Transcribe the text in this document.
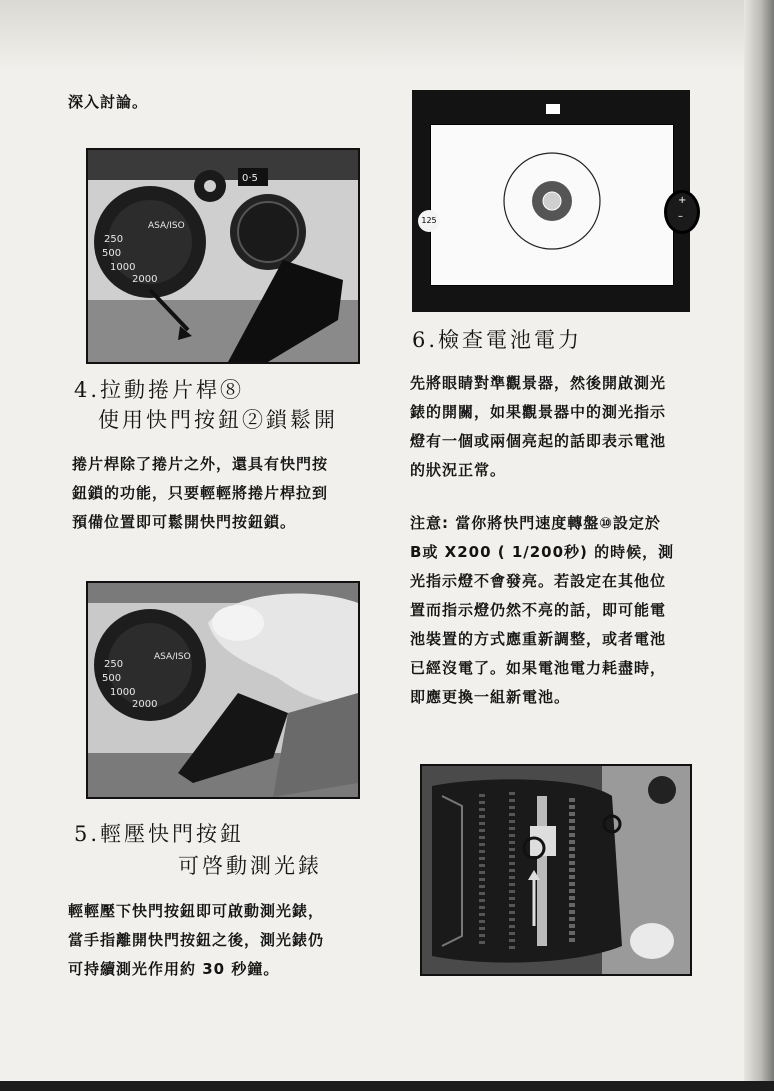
深入討論。
ASA/ISO
250
500
1000
2000
0·5
4.拉動捲片桿⑧
使用快門按鈕②鎖鬆開
捲片桿除了捲片之外，還具有快門按
鈕鎖的功能，只要輕輕將捲片桿拉到
預備位置即可鬆開快門按鈕鎖。
ASA/ISO
250
500
1000
2000
5.輕壓快門按鈕
可啓動測光錶
輕輕壓下快門按鈕即可啟動測光錶，
當手指離開快門按鈕之後，測光錶仍
可持續測光作用約 30 秒鐘。
125
+
–
6.檢查電池電力
先將眼睛對準觀景器，然後開啟測光
錶的開關，如果觀景器中的測光指示
燈有一個或兩個亮起的話即表示電池
的狀況正常。
注意: 當你將快門速度轉盤⑩設定於
B或 X200 ( 1/200秒) 的時候，測
光指示燈不會發亮。若設定在其他位
置而指示燈仍然不亮的話，即可能電
池裝置的方式應重新調整，或者電池
已經沒電了。如果電池電力耗盡時，
即應更換一組新電池。
